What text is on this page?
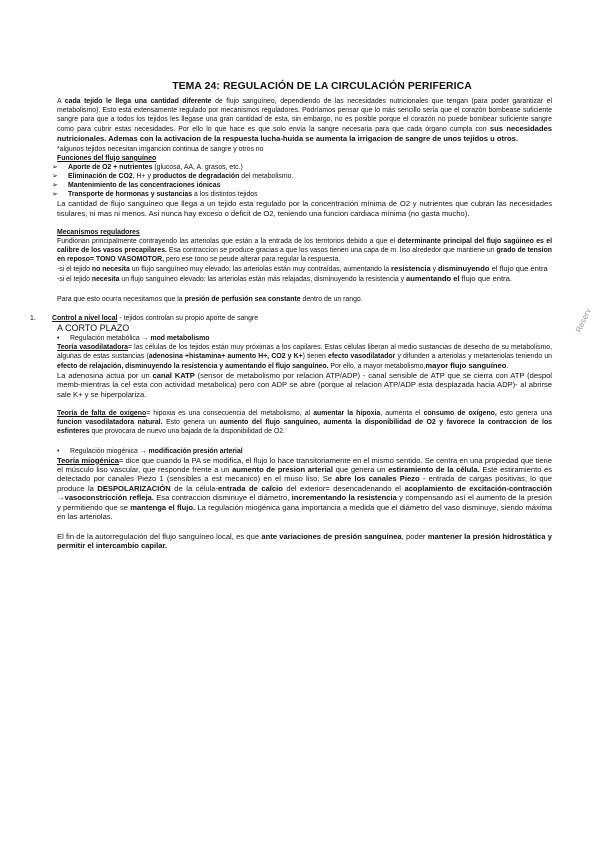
TEMA 24: REGULACIÓN DE LA CIRCULACIÓN PERIFERICA

A cada tejido le llega una cantidad diferente de flujo sanguíneo, dependiendo de las necesidades nutricionales que tengan (para poder garantizar el metabolismo). Esto está extensamente regulado por mecanismos reguladores. Podríamos pensar que lo más sencillo sería que el corazón bombease suficiente sangre para que a todos los tejidos les llegase una gran cantidad de esta, sin embargo, no es posible porque el corazón no puede bombear suficiente sangre como para cubrir estas necesidades. Por ello lo que hace es que solo envía la sangre necesaria para que cada órgano cumpla con sus necesidades nutricionales. Ademas con la activacion de la respuesta lucha-huida se aumenta la irrigacion de sangre de unos tejidos u otros.

*algunos tejidos necesitan irrigancion continua de sangre y otros no

Funciones del flujo sanguíneo

➢ Aporte de O2 + nutrientes (glucosa, AA, A. grasos, etc.)

➢ Eliminación de CO2, H+ y productos de degradación del metabolismo.

➢ Mantenimiento de las concentraciones iónicas

➢ Transporte de hormonas y sustancias a los distintos tejidos

La cantidad de flujo sanguíneo que llega a un tejido esta regulado por la concentración mínima de O2 y nutrientes que cubran las necesidades tisulares, ni mas ni menos. Asi nunca hay exceso o deficit de O2, teniendo una funcion cardiaca mínima (no gasta mucho).

Mecanismos reguladores

Fundionan principalmente contrayendo las arteriolas que están a la entrada de los territorios debido a que el determinante principal del flujo sagúineo es el calibre de los vasos precapilares. Esa contraccion se produce gracias a que los vasos tienen una capa de m. liso alrededor que mantiene un grado de tension en reposo= TONO VASOMOTOR, pero ese tono se peude alterar para regular la respuesta.

-si el tejido no necesita un flujo sanguíneo muy elevado: las arteriolas están muy contraídas, aumentando la resistencia y disminuyendo el flujo que entra

-si el tejido necesita un flujo sanguíneo elevado: las arteriolas están más relajadas, disminuyendo la resistencia y aumentando el flujo que entra.

Para que esto ocurra necesitamos que la presión de perfusión sea constante dentro de un rango.

1. Control a nivel local - tejidos controlan su propio aporte de sangre

A CORTO PLAZO

• Regulación metabólica → mod metabolismo

Teoría vasodilatadora= las células de los tejidos están muy próximas a los capilares. Estas células liberan al medio sustancias de desecho de su metabolismo, algunas de estas sustancias (adenosina +histamina+ aumento H+, CO2 y K+) tienen efecto vasodilatador y difunden a arteriolas y metarteriolas teniendo un efecto de relajación, disminuyendo la resistencia y aumentando el flujo sanguíneo. Por ello, a mayor metabolismo,mayor flujo sanguíneo.

La adenosina actua por un canal KATP (sensor de metabolismo por relacion ATP/ADP) - canal sensible de ATP que se cierra con ATP (despol memb-mientras la cel esta con actividad metabolica) pero con ADP se abre (porque al relacion ATP/ADP esta desplazada hacia ADP)- al abrirse sale K+ y se hiperpolariza.

Teoría de falta de oxígeno= hipoxia es una consecuencia del metabolismo, al aumentar la hipoxia, aumenta el consumo de oxígeno, esto genera una funcion vasodilatadora natural. Esto genera un aumento del flujo sanguíneo, aumenta la disponibilidad de O2 y favorece la contraccion de los esfinteres que provocara de nuevo una bajada de la disponibilidad de O2.

• Regulación miogénica → modificación presión arterial

Teoría miogénica= dice que cuando la PA se modifica, el flujo lo hace transitoriamente en el mismo sentido. Se centra en una propiedad que tiene el músculo liso vascular, que responde frente a un aumento de presion arterial que genera un estiramiento de la célula. Este estiramiento es detectado por canales Piezo 1 (sensibles a est mecanico) en el muso liso. Se abre los canales Piezo - entrada de cargas positivas, lo que produce la DESPOLARIZACIÓN de la célula-entrada de calcio del exterior= desencadenando el acoplamiento de excitación-contracción →vasoconstricción refleja. Esa contraccion disminuye el diámetro, incrementando la resistencia y compensando así el aumento de la presión y permitiendo que se mantenga el flujo. La regulación miogénica gana importancia a medida que el diámetro del vaso disminuye, siendo máxima en las arteriolas.

El fin de la autorregulación del flujo sanguíneo local, es que ante variaciones de presión sanguínea, poder mantener la presión hidrostática y permitir el intercambio capilar.

Reserv
